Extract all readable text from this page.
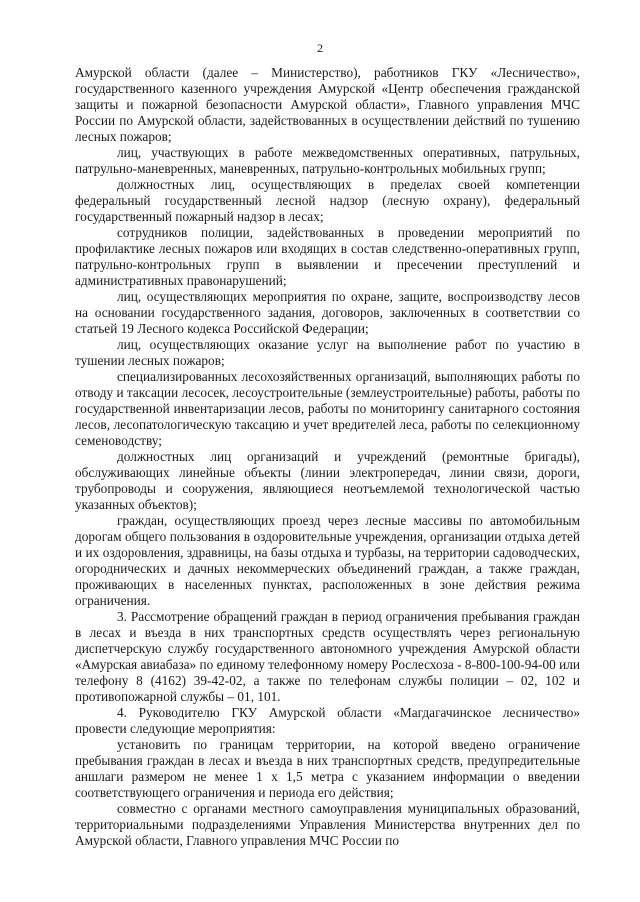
2

Амурской области (далее – Министерство), работников ГКУ «Лесничество», государственного казенного учреждения Амурской «Центр обеспечения гражданской защиты и пожарной безопасности Амурской области», Главного управления МЧС России по Амурской области, задействованных в осуществлении действий по тушению лесных пожаров;

лиц, участвующих в работе межведомственных оперативных, патрульных, патрульно-маневренных, маневренных, патрульно-контрольных мобильных групп;

должностных лиц, осуществляющих в пределах своей компетенции федеральный государственный лесной надзор (лесную охрану), федеральный государственный пожарный надзор в лесах;

сотрудников полиции, задействованных в проведении мероприятий по профилактике лесных пожаров или входящих в состав следственно-оперативных групп, патрульно-контрольных групп в выявлении и пресечении преступлений и административных правонарушений;

лиц, осуществляющих мероприятия по охране, защите, воспроизводству лесов на основании государственного задания, договоров, заключенных в соответствии со статьей 19 Лесного кодекса Российской Федерации;

лиц, осуществляющих оказание услуг на выполнение работ по участию в тушении лесных пожаров;

специализированных лесохозяйственных организаций, выполняющих работы по отводу и таксации лесосек, лесоустроительные (землеустроительные) работы, работы по государственной инвентаризации лесов, работы по мониторингу санитарного состояния лесов, лесопатологическую таксацию и учет вредителей леса, работы по селекционному семеноводству;

должностных лиц организаций и учреждений (ремонтные бригады), обслуживающих линейные объекты (линии электропередач, линии связи, дороги, трубопроводы и сооружения, являющиеся неотъемлемой технологической частью указанных объектов);

граждан, осуществляющих проезд через лесные массивы по автомобильным дорогам общего пользования в оздоровительные учреждения, организации отдыха детей и их оздоровления, здравницы, на базы отдыха и турбазы, на территории садоводческих, огороднических и дачных некоммерческих объединений граждан, а также граждан, проживающих в населенных пунктах, расположенных в зоне действия режима ограничения.

3. Рассмотрение обращений граждан в период ограничения пребывания граждан в лесах и въезда в них транспортных средств осуществлять через региональную диспетчерскую службу государственного автономного учреждения Амурской области «Амурская авиабаза» по единому телефонному номеру Рослесхоза - 8-800-100-94-00 или телефону 8 (4162) 39-42-02, а также по телефонам службы полиции – 02, 102 и противопожарной службы – 01, 101.

4. Руководителю ГКУ Амурской области «Магдагачинское лесничество» провести следующие мероприятия:

установить по границам территории, на которой введено ограничение пребывания граждан в лесах и въезда в них транспортных средств, предупредительные аншлаги размером не менее 1 х 1,5 метра с указанием информации о введении соответствующего ограничения и периода его действия;

совместно с органами местного самоуправления муниципальных образований, территориальными подразделениями Управления Министерства внутренних дел по Амурской области, Главного управления МЧС России по
